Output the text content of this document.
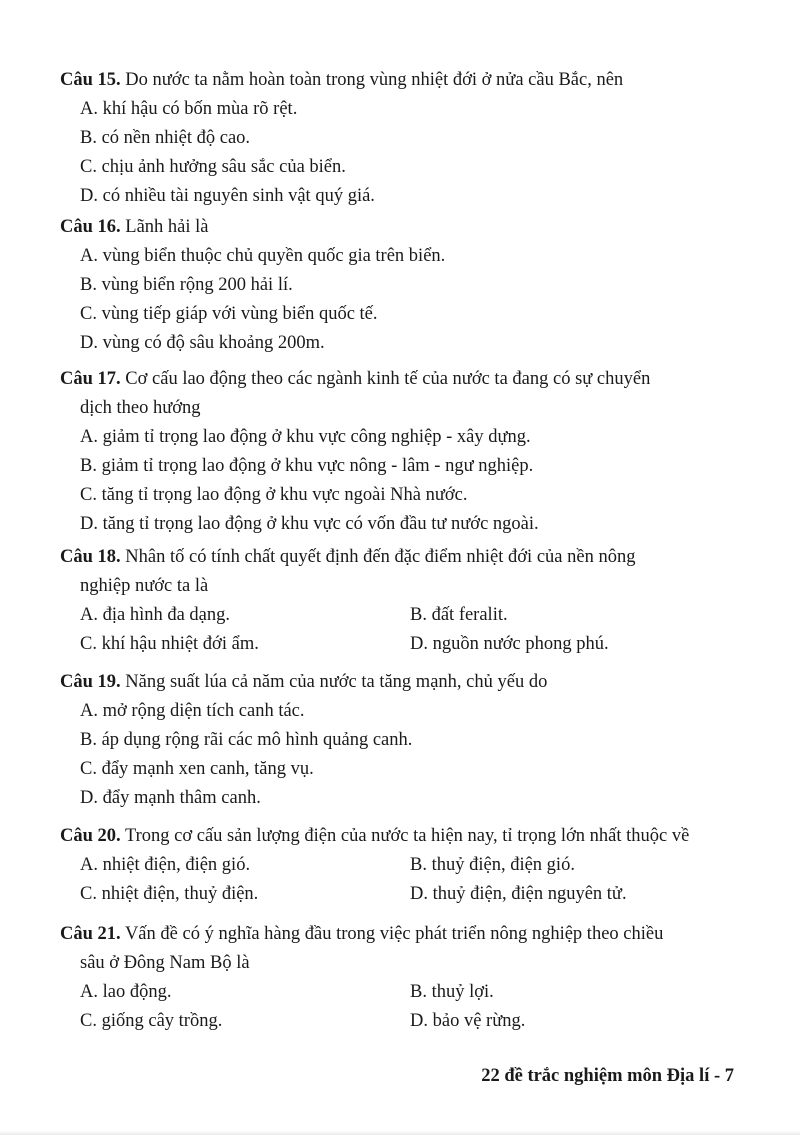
Câu 15. Do nước ta nằm hoàn toàn trong vùng nhiệt đới ở nửa cầu Bắc, nên

A. khí hậu có bốn mùa rõ rệt.

B. có nền nhiệt độ cao.

C. chịu ảnh hưởng sâu sắc của biển.

D. có nhiều tài nguyên sinh vật quý giá.

Câu 16. Lãnh hải là

A. vùng biển thuộc chủ quyền quốc gia trên biển.

B. vùng biển rộng 200 hải lí.

C. vùng tiếp giáp với vùng biển quốc tế.

D. vùng có độ sâu khoảng 200m.

Câu 17. Cơ cấu lao động theo các ngành kinh tế của nước ta đang có sự chuyển

dịch theo hướng

A. giảm tỉ trọng lao động ở khu vực công nghiệp - xây dựng.

B. giảm tỉ trọng lao động ở khu vực nông - lâm - ngư nghiệp.

C. tăng tỉ trọng lao động ở khu vực ngoài Nhà nước.

D. tăng tỉ trọng lao động ở khu vực có vốn đầu tư nước ngoài.

Câu 18. Nhân tố có tính chất quyết định đến đặc điểm nhiệt đới của nền nông

nghiệp nước ta là

A. địa hình đa dạng.	B. đất feralit.
C. khí hậu nhiệt đới ẩm.	D. nguồn nước phong phú.

Câu 19. Năng suất lúa cả năm của nước ta tăng mạnh, chủ yếu do

A. mở rộng diện tích canh tác.

B. áp dụng rộng rãi các mô hình quảng canh.

C. đẩy mạnh xen canh, tăng vụ.

D. đẩy mạnh thâm canh.

Câu 20. Trong cơ cấu sản lượng điện của nước ta hiện nay, tỉ trọng lớn nhất thuộc về

A. nhiệt điện, điện gió.	B. thuỷ điện, điện gió.
C. nhiệt điện, thuỷ điện.	D. thuỷ điện, điện nguyên tử.

Câu 21. Vấn đề có ý nghĩa hàng đầu trong việc phát triển nông nghiệp theo chiều

sâu ở Đông Nam Bộ là

A. lao động.	B. thuỷ lợi.
C. giống cây trồng.	D. bảo vệ rừng.
22 đề trắc nghiệm môn Địa lí - 7
